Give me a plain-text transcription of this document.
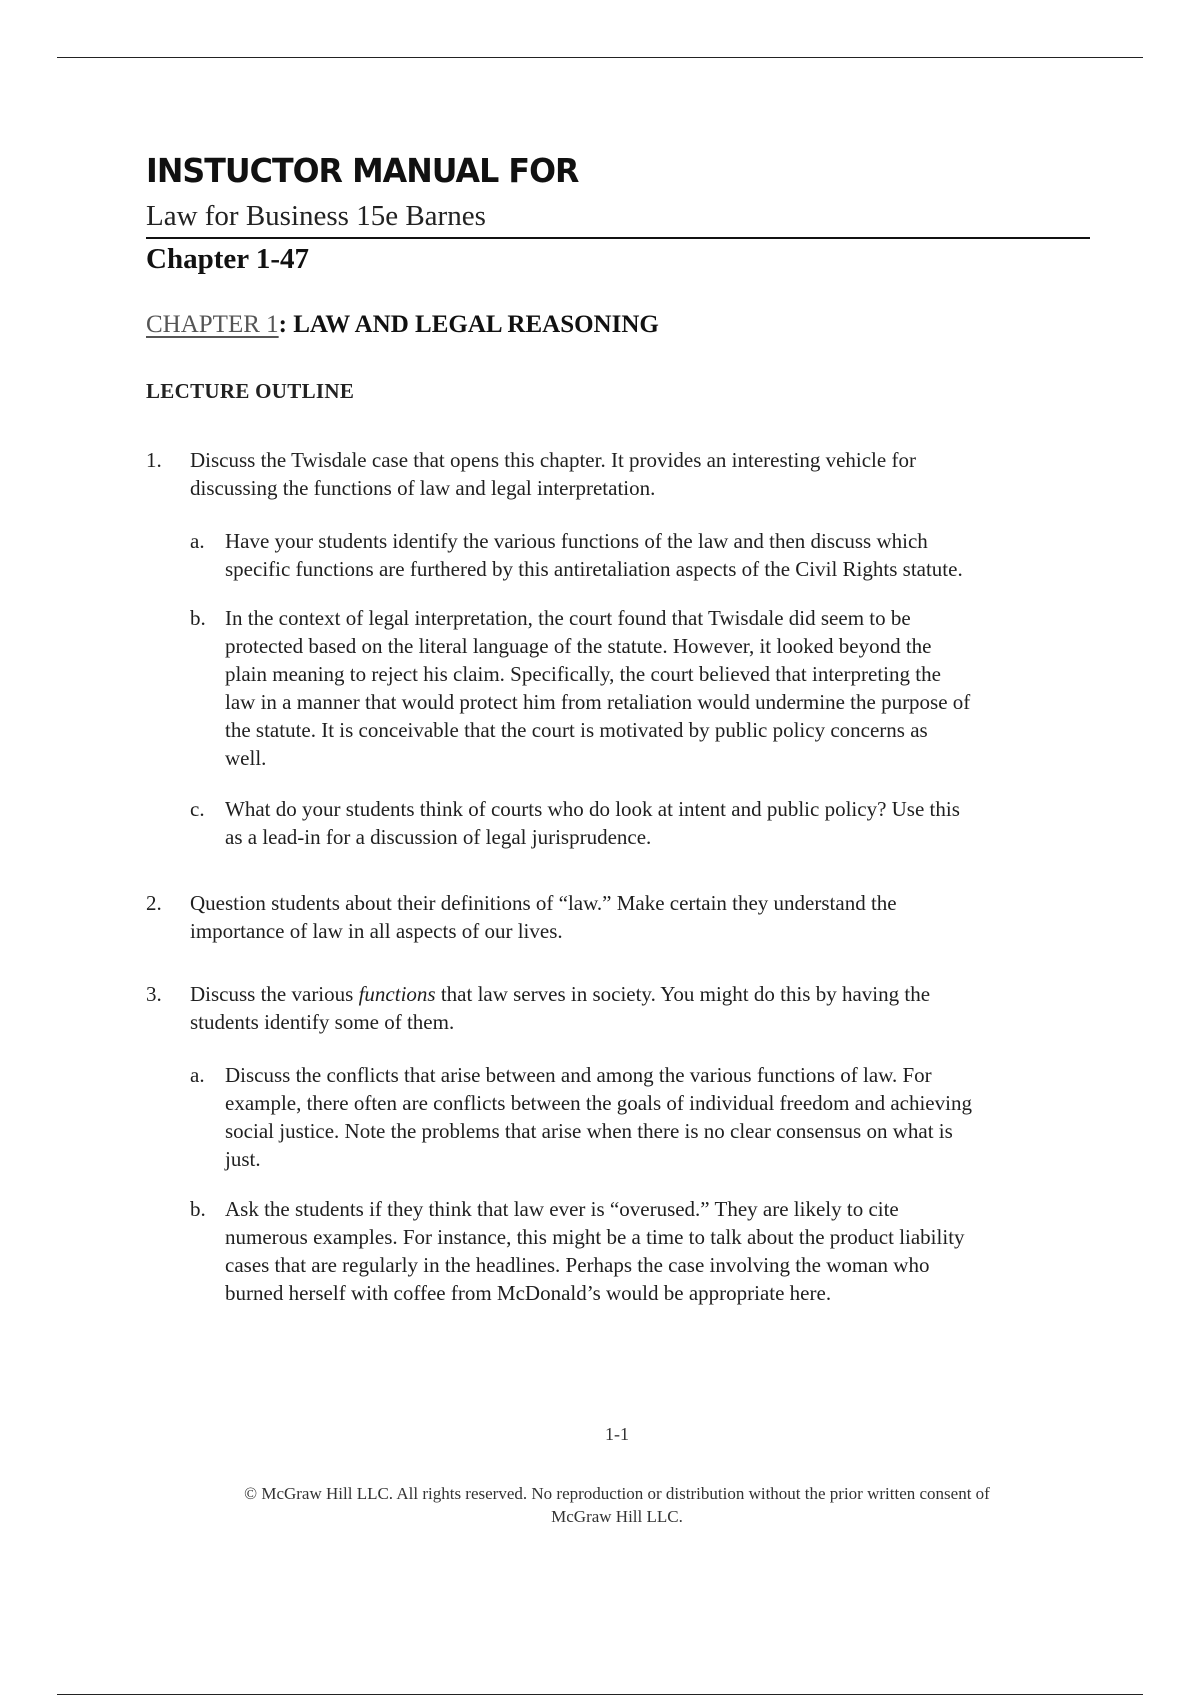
INSTUCTOR MANUAL FOR
Law for Business 15e Barnes
Chapter 1-47
CHAPTER 1: LAW AND LEGAL REASONING
LECTURE OUTLINE
1. Discuss the Twisdale case that opens this chapter. It provides an interesting vehicle for
discussing the functions of law and legal interpretation.
a. Have your students identify the various functions of the law and then discuss which
specific functions are furthered by this antiretaliation aspects of the Civil Rights statute.
b. In the context of legal interpretation, the court found that Twisdale did seem to be
protected based on the literal language of the statute. However, it looked beyond the
plain meaning to reject his claim. Specifically, the court believed that interpreting the
law in a manner that would protect him from retaliation would undermine the purpose of
the statute. It is conceivable that the court is motivated by public policy concerns as
well.
c. What do your students think of courts who do look at intent and public policy? Use this
as a lead-in for a discussion of legal jurisprudence.
2. Question students about their definitions of “law.” Make certain they understand the
importance of law in all aspects of our lives.
3. Discuss the various functions that law serves in society. You might do this by having the
students identify some of them.
a. Discuss the conflicts that arise between and among the various functions of law. For
example, there often are conflicts between the goals of individual freedom and achieving
social justice. Note the problems that arise when there is no clear consensus on what is
just.
b. Ask the students if they think that law ever is “overused.” They are likely to cite
numerous examples. For instance, this might be a time to talk about the product liability
cases that are regularly in the headlines. Perhaps the case involving the woman who
burned herself with coffee from McDonald’s would be appropriate here.
1-1
© McGraw Hill LLC. All rights reserved. No reproduction or distribution without the prior written consent of
McGraw Hill LLC.
